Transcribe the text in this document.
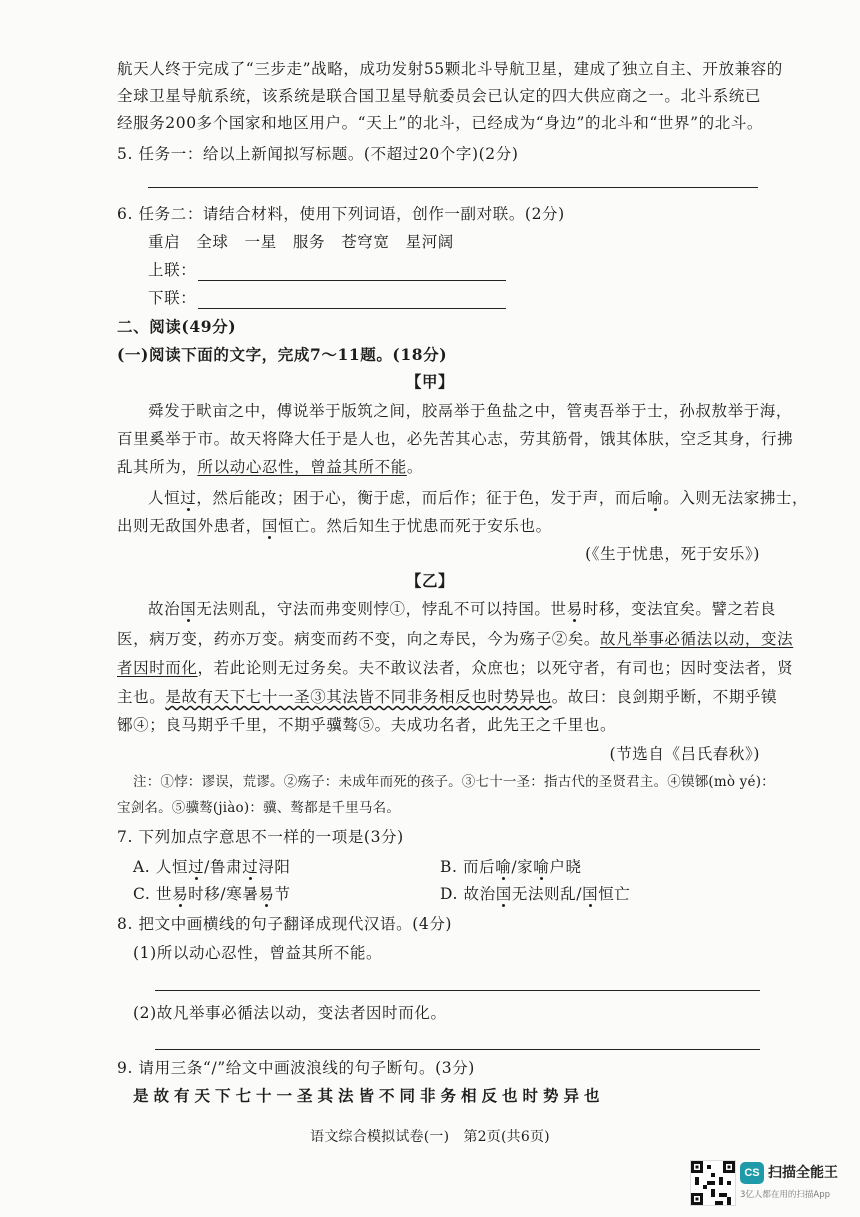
航天人终于完成了“三步走”战略，成功发射55颗北斗导航卫星，建成了独立自主、开放兼容的
全球卫星导航系统，该系统是联合国卫星导航委员会已认定的四大供应商之一。北斗系统已
经服务200多个国家和地区用户。“天上”的北斗，已经成为“身边”的北斗和“世界”的北斗。
5. 任务一：给以上新闻拟写标题。(不超过20个字)(2分)
6. 任务二：请结合材料，使用下列词语，创作一副对联。(2分)
重启　全球　一星　服务　苍穹宽　星河阔
上联：
下联：
二、阅读(49分)
(一)阅读下面的文字，完成7～11题。(18分)
【甲】
舜发于畎亩之中，傅说举于版筑之间，胶鬲举于鱼盐之中，管夷吾举于士，孙叔敖举于海，
百里奚举于市。故天将降大任于是人也，必先苦其心志，劳其筋骨，饿其体肤，空乏其身，行拂
乱其所为，所以动心忍性，曾益其所不能。
人恒过，然后能改；困于心，衡于虑，而后作；征于色，发于声，而后喻。入则无法家拂士，
出则无敌国外患者，国恒亡。然后知生于忧患而死于安乐也。
(《生于忧患，死于安乐》)
【乙】
故治国无法则乱，守法而弗变则悖①，悖乱不可以持国。世易时移，变法宜矣。譬之若良
医，病万变，药亦万变。病变而药不变，向之寿民，今为殇子②矣。故凡举事必循法以动，变法
者因时而化，若此论则无过务矣。夫不敢议法者，众庶也；以死守者，有司也；因时变法者，贤
主也。是故有天下七十一圣③其法皆不同非务相反也时势异也。故曰：良剑期乎断，不期乎镆
铘④；良马期乎千里，不期乎骥骜⑤。夫成功名者，此先王之千里也。
(节选自《吕氏春秋》)
注：①悖：谬误，荒谬。②殇子：未成年而死的孩子。③七十一圣：指古代的圣贤君主。④镆铘(mò yé)：
宝剑名。⑤骥骜(jiào)：骥、骜都是千里马名。
7. 下列加点字意思不一样的一项是(3分)
A. 人恒过/鲁肃过浔阳	B. 而后喻/家喻户晓
C. 世易时移/寒暑易节	D. 故治国无法则乱/国恒亡
8. 把文中画横线的句子翻译成现代汉语。(4分)
(1)所以动心忍性，曾益其所不能。
(2)故凡举事必循法以动，变法者因时而化。
9. 请用三条“/”给文中画波浪线的句子断句。(3分)
是故有天下七十一圣其法皆不同非务相反也时势异也
语文综合模拟试卷(一)　第2页(共6页)
CS 扫描全能王
3亿人都在用的扫描App
